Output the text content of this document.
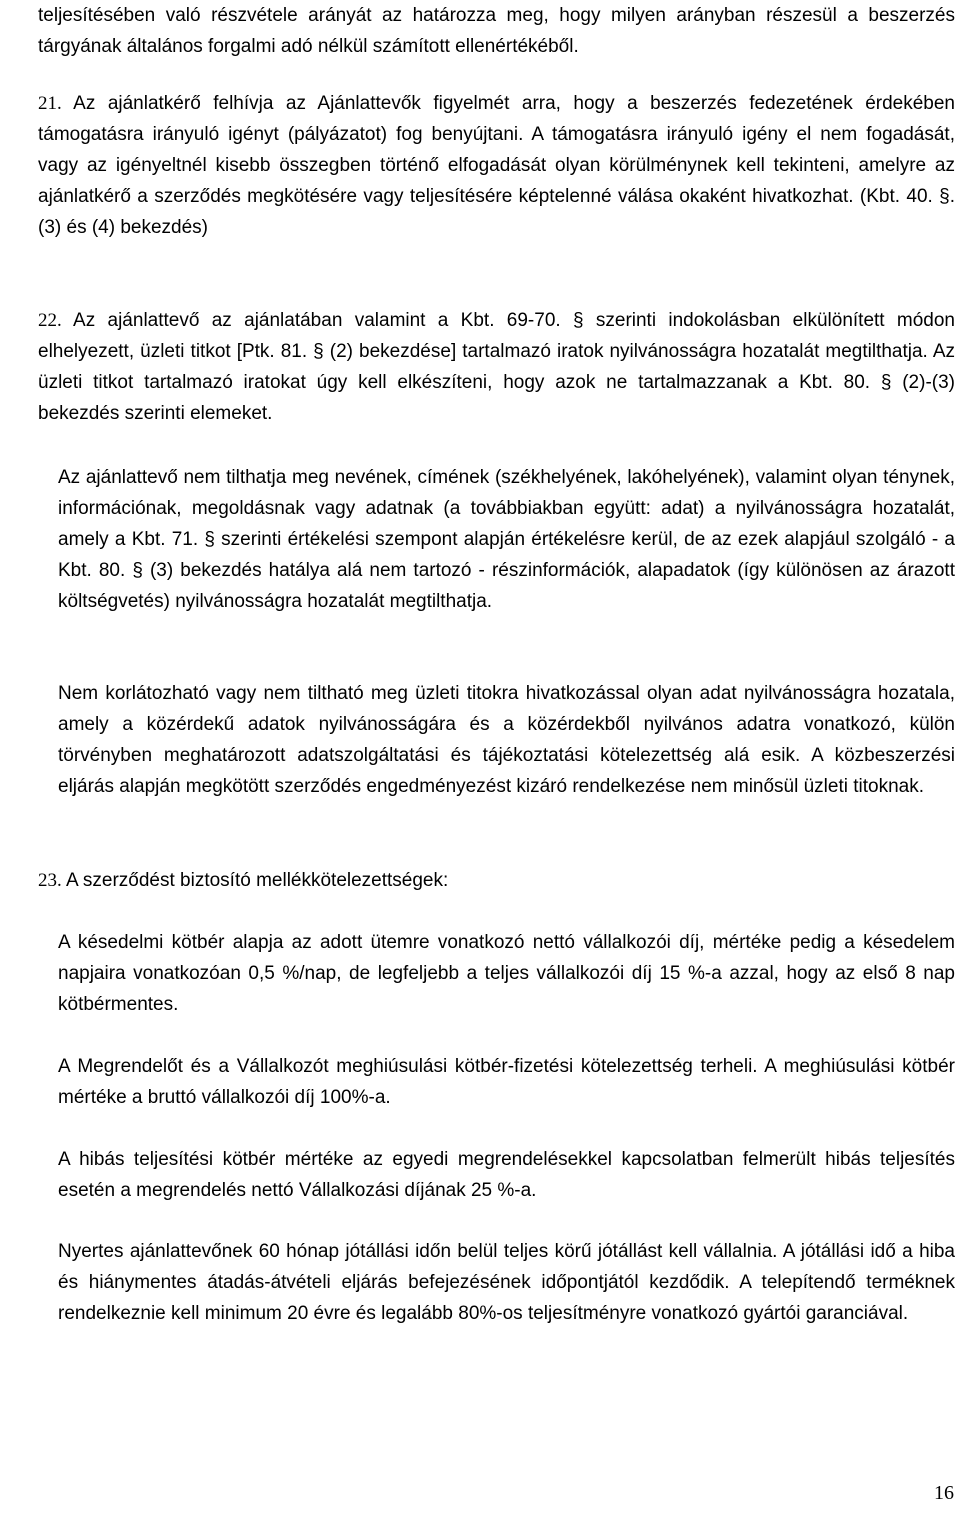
teljesítésében való részvétele arányát az határozza meg, hogy milyen arányban részesül a beszerzés tárgyának általános forgalmi adó nélkül számított ellenértékéből.

21. Az ajánlatkérő felhívja az Ajánlattevők figyelmét arra, hogy a beszerzés fedezetének érdekében támogatásra irányuló igényt (pályázatot) fog benyújtani. A támogatásra irányuló igény el nem fogadását, vagy az igényeltnél kisebb összegben történő elfogadását olyan körülménynek kell tekinteni, amelyre az ajánlatkérő a szerződés megkötésére vagy teljesítésére képtelenné válása okaként hivatkozhat. (Kbt. 40. §. (3) és (4) bekezdés)

22. Az ajánlattevő az ajánlatában valamint a Kbt. 69-70. § szerinti indokolásban elkülönített módon elhelyezett, üzleti titkot [Ptk. 81. § (2) bekezdése] tartalmazó iratok nyilvánosságra hozatalát megtilthatja. Az üzleti titkot tartalmazó iratokat úgy kell elkészíteni, hogy azok ne tartalmazzanak a Kbt. 80. § (2)-(3) bekezdés szerinti elemeket.

Az ajánlattevő nem tilthatja meg nevének, címének (székhelyének, lakóhelyének), valamint olyan ténynek, információnak, megoldásnak vagy adatnak (a továbbiakban együtt: adat) a nyilvánosságra hozatalát, amely a Kbt. 71. § szerinti értékelési szempont alapján értékelésre kerül, de az ezek alapjául szolgáló - a Kbt. 80. § (3) bekezdés hatálya alá nem tartozó - részinformációk, alapadatok (így különösen az árazott költségvetés) nyilvánosságra hozatalát megtilthatja.

Nem korlátozható vagy nem tiltható meg üzleti titokra hivatkozással olyan adat nyilvánosságra hozatala, amely a közérdekű adatok nyilvánosságára és a közérdekből nyilvános adatra vonatkozó, külön törvényben meghatározott adatszolgáltatási és tájékoztatási kötelezettség alá esik. A közbeszerzési eljárás alapján megkötött szerződés engedményezést kizáró rendelkezése nem minősül üzleti titoknak.

23. A szerződést biztosító mellékkötelezettségek:

A késedelmi kötbér alapja az adott ütemre vonatkozó nettó vállalkozói díj, mértéke pedig a késedelem napjaira vonatkozóan 0,5 %/nap, de legfeljebb a teljes vállalkozói díj 15 %-a azzal, hogy az első 8 nap kötbérmentes.

A Megrendelőt és a Vállalkozót meghiúsulási kötbér-fizetési kötelezettség terheli. A meghiúsulási kötbér mértéke a bruttó vállalkozói díj 100%-a.

A hibás teljesítési kötbér mértéke az egyedi megrendelésekkel kapcsolatban felmerült hibás teljesítés esetén a megrendelés nettó Vállalkozási díjának 25 %-a.

Nyertes ajánlattevőnek 60 hónap jótállási időn belül teljes körű jótállást kell vállalnia. A jótállási idő a hiba és hiánymentes átadás-átvételi eljárás befejezésének időpontjától kezdődik. A telepítendő terméknek rendelkeznie kell minimum 20 évre és legalább 80%-os teljesítményre vonatkozó gyártói garanciával.

16
